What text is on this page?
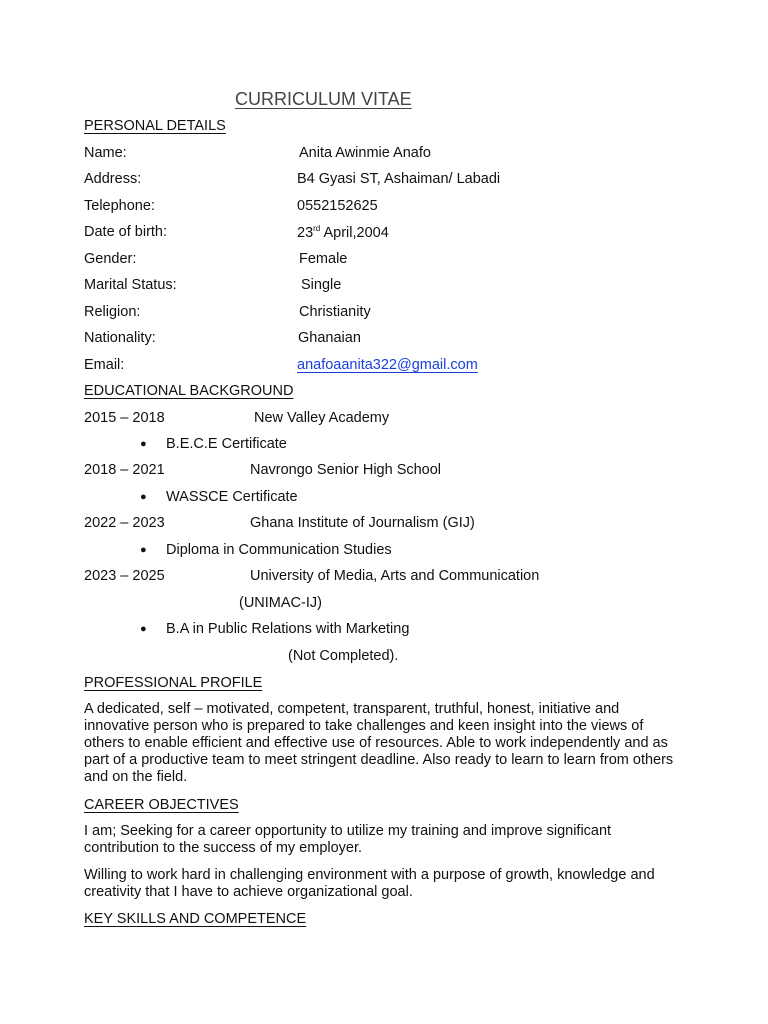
CURRICULUM VITAE
PERSONAL DETAILS
Name:	Anita Awinmie Anafo
Address:	B4 Gyasi ST, Ashaiman/ Labadi
Telephone:	0552152625
Date of birth:	23rd April,2004
Gender:	Female
Marital Status:	Single
Religion:	Christianity
Nationality:	Ghanaian
Email:	anafoaanita322@gmail.com
EDUCATIONAL BACKGROUND
2015 – 2018	New Valley Academy
● B.E.C.E Certificate
2018 – 2021	Navrongo Senior High School
● WASSCE Certificate
2022 – 2023	Ghana Institute of Journalism (GIJ)
● Diploma in Communication Studies
2023 – 2025	University of Media, Arts and Communication
(UNIMAC-IJ)
● B.A in Public Relations with Marketing
(Not Completed).
PROFESSIONAL PROFILE
A dedicated, self – motivated, competent, transparent, truthful, honest, initiative and innovative person who is prepared to take challenges and keen insight into the views of others to enable efficient and effective use of resources. Able to work independently and as part of a productive team to meet stringent deadline. Also ready to learn to learn from others and on the field.
CAREER OBJECTIVES
I am; Seeking for a career opportunity to utilize my training and improve significant contribution to the success of my employer.
Willing to work hard in challenging environment with a purpose of growth, knowledge and creativity that I have to achieve organizational goal.
KEY SKILLS AND COMPETENCE
